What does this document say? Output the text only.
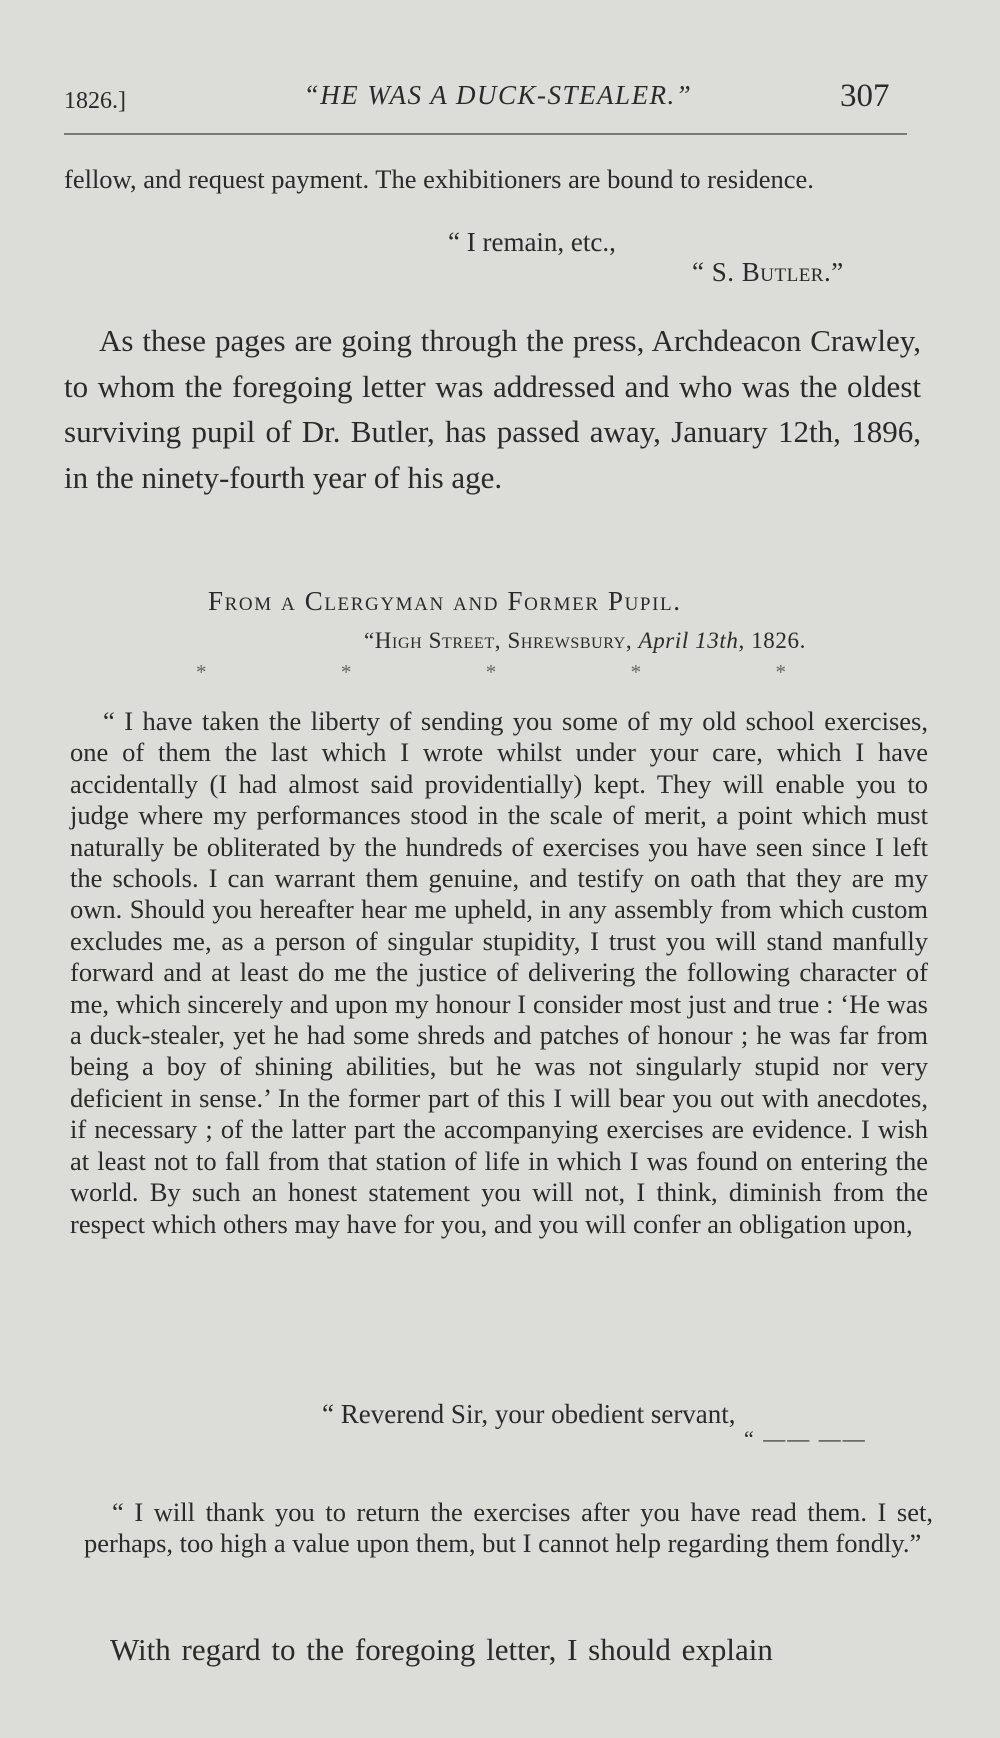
1826.]	“HE WAS A DUCK-STEALER.”	307

fellow, and request payment. The exhibitioners are bound to residence.

“ I remain, etc.,

“ S. Butler.”

As these pages are going through the press, Archdeacon Crawley, to whom the foregoing letter was addressed and who was the oldest surviving pupil of Dr. Butler, has passed away, January 12th, 1896, in the ninety-fourth year of his age.

From a Clergyman and Former Pupil.

“High Street, Shrewsbury, April 13th, 1826.

*	*	*	*	*

“ I have taken the liberty of sending you some of my old school exercises, one of them the last which I wrote whilst under your care, which I have accidentally (I had almost said providentially) kept. They will enable you to judge where my performances stood in the scale of merit, a point which must naturally be obliterated by the hundreds of exercises you have seen since I left the schools. I can warrant them genuine, and testify on oath that they are my own. Should you hereafter hear me upheld, in any assembly from which custom excludes me, as a person of singular stupidity, I trust you will stand manfully forward and at least do me the justice of delivering the following character of me, which sincerely and upon my honour I consider most just and true : ‘He was a duck-stealer, yet he had some shreds and patches of honour ; he was far from being a boy of shining abilities, but he was not singularly stupid nor very deficient in sense.’ In the former part of this I will bear you out with anecdotes, if necessary ; of the latter part the accompanying exercises are evidence. I wish at least not to fall from that station of life in which I was found on entering the world. By such an honest statement you will not, I think, diminish from the respect which others may have for you, and you will confer an obligation upon,

“ Reverend Sir, your obedient servant,

“ —— ——

“ I will thank you to return the exercises after you have read them. I set, perhaps, too high a value upon them, but I cannot help regarding them fondly.”

With regard to the foregoing letter, I should explain
